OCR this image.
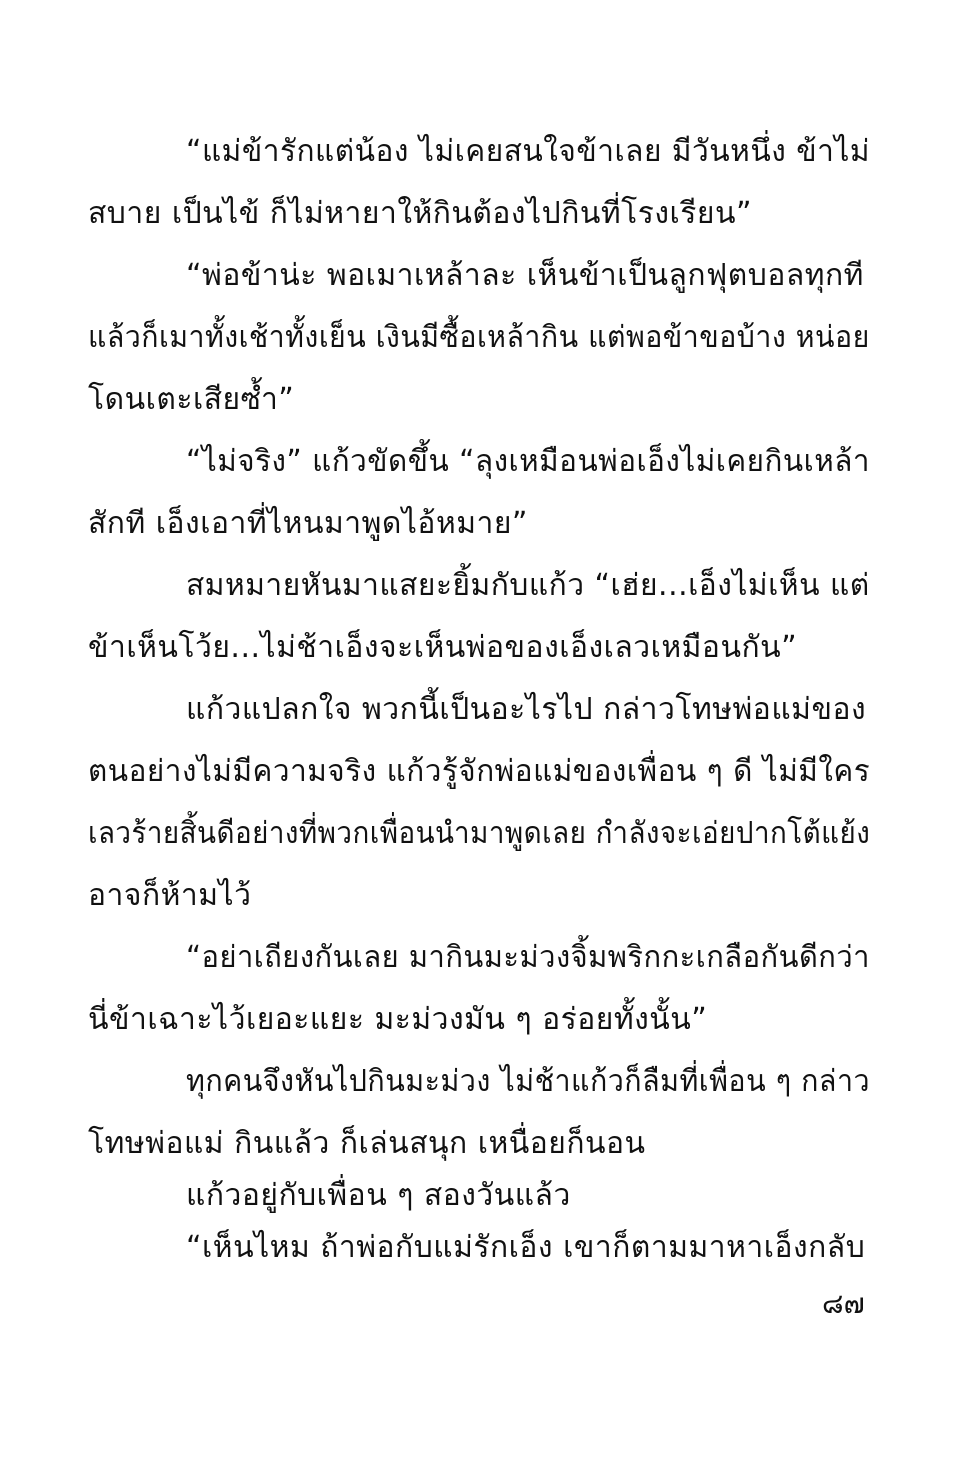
“แม่ข้ารักแต่น้อง ไม่เคยสนใจข้าเลย มีวันหนึ่ง ข้าไม่
สบาย เป็นไข้ ก็ไม่หายาให้กินต้องไปกินที่โรงเรียน”
“พ่อข้าน่ะ พอเมาเหล้าละ เห็นข้าเป็นลูกฟุตบอลทุกที
แล้วก็เมาทั้งเช้าทั้งเย็น เงินมีซื้อเหล้ากิน แต่พอข้าขอบ้าง หน่อย
โดนเตะเสียซ้ำ”
“ไม่จริง” แก้วขัดขึ้น “ลุงเหมือนพ่อเอ็งไม่เคยกินเหล้า
สักที เอ็งเอาที่ไหนมาพูดไอ้หมาย”
สมหมายหันมาแสยะยิ้มกับแก้ว “เฮ่ย...เอ็งไม่เห็น แต่
ข้าเห็นโว้ย...ไม่ช้าเอ็งจะเห็นพ่อของเอ็งเลวเหมือนกัน”
แก้วแปลกใจ พวกนี้เป็นอะไรไป กล่าวโทษพ่อแม่ของ
ตนอย่างไม่มีความจริง แก้วรู้จักพ่อแม่ของเพื่อน ๆ ดี ไม่มีใคร
เลวร้ายสิ้นดีอย่างที่พวกเพื่อนนำมาพูดเลย กำลังจะเอ่ยปากโต้แย้ง
อาจก็ห้ามไว้
“อย่าเถียงกันเลย มากินมะม่วงจิ้มพริกกะเกลือกันดีกว่า
นี่ข้าเฉาะไว้เยอะแยะ มะม่วงมัน ๆ อร่อยทั้งนั้น”
ทุกคนจึงหันไปกินมะม่วง ไม่ช้าแก้วก็ลืมที่เพื่อน ๆ กล่าว
โทษพ่อแม่ กินแล้ว ก็เล่นสนุก เหนื่อยก็นอน
แก้วอยู่กับเพื่อน ๆ สองวันแล้ว
“เห็นไหม ถ้าพ่อกับแม่รักเอ็ง เขาก็ตามมาหาเอ็งกลับ
๘๗
